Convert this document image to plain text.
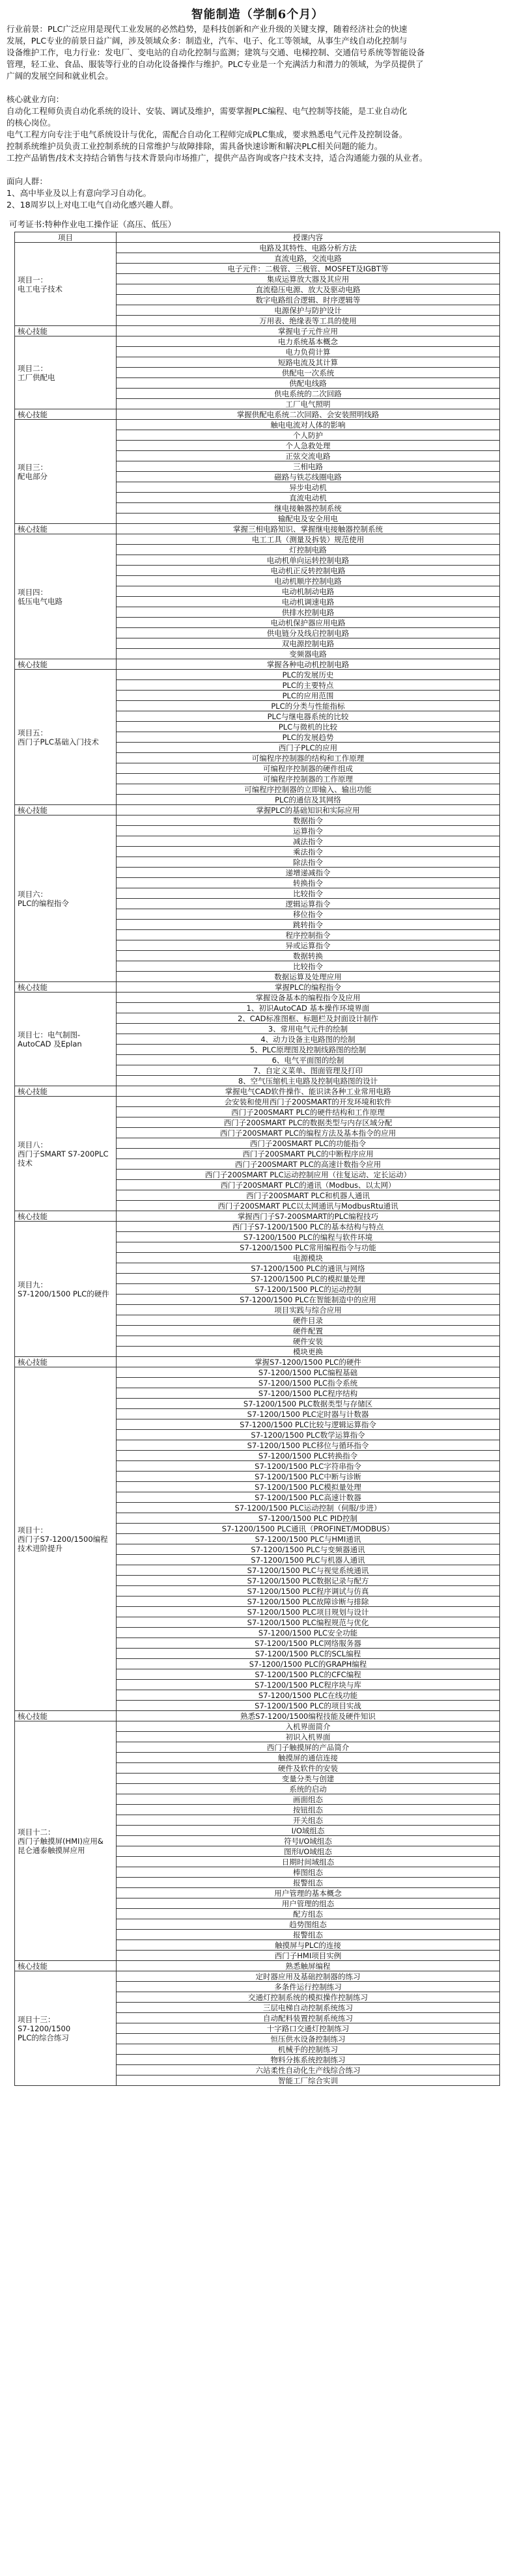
智能制造（学制6个月）

行业前景：PLC广泛应用是现代工业发展的必然趋势，是科技创新和产业升级的关键支撑，随着经济社会的快速

发展，PLC专业的前景日益广阔，涉及领域众多：制造业，汽车、电子、化工等领域，从事生产线自动化控制与

设备维护工作，电力行业：发电厂、变电站的自动化控制与监测；建筑与交通、电梯控制、交通信号系统等智能设备

管理，轻工业、食品、服装等行业的自动化设备操作与维护。PLC专业是一个充满活力和潜力的领域，为学员提供了

广阔的发展空间和就业机会。

核心就业方向：

自动化工程师负责自动化系统的设计、安装、调试及维护，需要掌握PLC编程、电气控制等技能，是工业自动化

的核心岗位。

电气工程方向专注于电气系统设计与优化，需配合自动化工程师完成PLC集成，要求熟悉电气元件及控制设备。

控制系统维护员负责工业控制系统的日常维护与故障排除，需具备快速诊断和解决PLC相关问题的能力。

工控产品销售/技术支持结合销售与技术背景向市场推广，提供产品咨询或客户技术支持，适合沟通能力强的从业者。

面向人群：

1、高中毕业及以上有意向学习自动化。

2、18周岁以上对电工电气自动化感兴趣人群。

可考证书:特种作业电工操作证（高压、低压）
项目	授课内容
项目一：
电工电子技术	电路及其特性、电路分析方法
	直流电路，交流电路
	电子元件：二极管、三极管、MOSFET及IGBT等
	集成运算放大器及其应用
	直流稳压电源、放大及驱动电路
	数字电路组合逻辑、时序逻辑等
	电源保护与防护设计
	万用表、绝缘表等工具的使用
核心技能	掌握电子元件应用
项目二：
工厂供配电	电力系统基本概念
	电力负荷计算
	短路电流及其计算
	供配电一次系统
	供配电线路
	供电系统的二次回路
	工厂电气照明
核心技能	掌握供配电系统二次回路、会安装照明线路
项目三：
配电部分	触电电流对人体的影响
	个人防护
	个人急救处理
	正弦交流电路
	三相电路
	磁路与铁芯线圈电路
	异步电动机
	直流电动机
	继电接触器控制系统
	输配电及安全用电
核心技能	掌握三相电路知识、掌握继电接触器控制系统
项目四：
低压电气电路	电工工具（测量及拆装）规范使用
	灯控制电路
	电动机单向运转控制电路
	电动机正反转控制电路
	电动机顺序控制电路
	电动机制动电路
	电动机调速电路
	供排水控制电路
	电动机保护器应用电路
	供电链分及线启控制电路
	双电源控制电路
	变频器电路
核心技能	掌握各种电动机控制电路
项目五：
西门子PLC基础入门技术	PLC的发展历史
	PLC的主要特点
	PLC的应用范围
	PLC的分类与性能指标
	PLC与继电器系统的比较
	PLC与微机的比较
	PLC的发展趋势
	西门子PLC的应用
	可编程序控制器的结构和工作原理
	可编程序控制器的硬件组成
	可编程序控制器的工作原理
	可编程序控制器的立即输入、输出功能
	PLC的通信及其网络
核心技能	掌握PLC的基础知识和实际应用
项目六：
PLC的编程指令	数据指令
	运算指令
	减法指令
	乘法指令
	除法指令
	递增递减指令
	转换指令
	比较指令
	逻辑运算指令
	移位指令
	跳转指令
	程序控制指令
	异或运算指令
	数据转换
	比较指令
	数据运算及处理应用
核心技能	掌握PLC的编程指令
项目七：电气制图-
AutoCAD 及Eplan	掌握设备基本的编程指令及应用
	1、初识AutoCAD 基本操作环境界面
	2、CAD标准图框、标题栏及封面设计制作
	3、常用电气元件的绘制
	4、动力设备主电路图的绘制
	5、PLC原理图及控制线路图的绘制
	6、电气平面图的绘制
	7、自定义菜单、图面管理及打印
	8、空气压缩机主电路及控制电路图的设计
核心技能	掌握电气CAD软件操作、能识读各种工业常用电路
项目八：
西门子SMART S7-200PLC技术	会安装和使用西门子200SMART的开发环境和软件
	西门子200SMART PLC的硬件结构和工作原理
	西门子200SMART PLC的数据类型与内存区域分配
	西门子200SMART PLC的编程方法及基本指令的应用
	西门子200SMART PLC的功能指令
	西门子200SMART PLC的中断程序应用
	西门子200SMART PLC的高速计数指令应用
	西门子200SMART PLC运动控制应用（往复运动、定长运动）
	西门子200SMART PLC的通讯（Modbus、以太网）
	西门子200SMART PLC和机器人通讯
	西门子200SMART PLC以太网通讯与ModbusRtu通讯
核心技能	掌握西门子S7-200SMART的PLC编程技巧
项目九：
S7-1200/1500 PLC的硬件	西门子S7-1200/1500 PLC的基本结构与特点
	S7-1200/1500 PLC的编程与软件环境
	S7-1200/1500 PLC常用编程指令与功能
	电源模块
	S7-1200/1500 PLC的通讯与网络
	S7-1200/1500 PLC的模拟量处理
	S7-1200/1500 PLC的运动控制
	S7-1200/1500 PLC在智能制造中的应用
	项目实践与综合应用
	硬件目录
	硬件配置
	硬件安装
	模块更换
核心技能	掌握S7-1200/1500 PLC的硬件
项目十：
西门子S7-1200/1500编程
技术进阶提升	S7-1200/1500 PLC编程基础
	S7-1200/1500 PLC指令系统
	S7-1200/1500 PLC程序结构
	S7-1200/1500 PLC数据类型与存储区
	S7-1200/1500 PLC定时器与计数器
	S7-1200/1500 PLC比较与逻辑运算指令
	S7-1200/1500 PLC数学运算指令
	S7-1200/1500 PLC移位与循环指令
	S7-1200/1500 PLC转换指令
	S7-1200/1500 PLC字符串指令
	S7-1200/1500 PLC中断与诊断
	S7-1200/1500 PLC模拟量处理
	S7-1200/1500 PLC高速计数器
	S7-1200/1500 PLC运动控制（伺服/步进）
	S7-1200/1500 PLC PID控制
	S7-1200/1500 PLC通讯（PROFINET/MODBUS）
	S7-1200/1500 PLC与HMI通讯
	S7-1200/1500 PLC与变频器通讯
	S7-1200/1500 PLC与机器人通讯
	S7-1200/1500 PLC与视觉系统通讯
	S7-1200/1500 PLC数据记录与配方
	S7-1200/1500 PLC程序调试与仿真
	S7-1200/1500 PLC故障诊断与排除
	S7-1200/1500 PLC项目规划与设计
	S7-1200/1500 PLC编程规范与优化
	S7-1200/1500 PLC安全功能
	S7-1200/1500 PLC网络服务器
	S7-1200/1500 PLC的SCL编程
	S7-1200/1500 PLC的GRAPH编程
	S7-1200/1500 PLC的CFC编程
	S7-1200/1500 PLC程序块与库
	S7-1200/1500 PLC在线功能
	S7-1200/1500 PLC的项目实战
核心技能	熟悉S7-1200/1500编程技能及硬件知识
项目十二：
西门子触摸屏(HMI)应用&
昆仑通泰触摸屏应用	入机界面简介
	初识入机界面
	西门子触摸屏的产品简介
	触摸屏的通信连接
	硬件及软件的安装
	变量分类与创建
	系统的启动
	画面组态
	按钮组态
	开关组态
	I/O域组态
	符号I/O域组态
	图形I/O域组态
	日期时间域组态
	棒图组态
	报警组态
	用户管理的基本概念
	用户管理的组态
	配方组态
	趋势图组态
	报警组态
	触摸屏与PLC的连接
	西门子HMI项目实例
核心技能	熟悉触屏编程
项目十三：
S7-1200/1500
PLC的综合练习	定时器应用及基础控制器的练习
	多条件运行控制练习
	交通灯控制系统的模拟操作控制练习
	三层电梯自动控制系统练习
	自动配料装置控制系统练习
	十字路口交通灯控制练习
	恒压供水设备控制练习
	机械手的控制练习
	物料分拣系统控制练习
	六站柔性自动化生产线综合练习
	智能工厂综合实训
